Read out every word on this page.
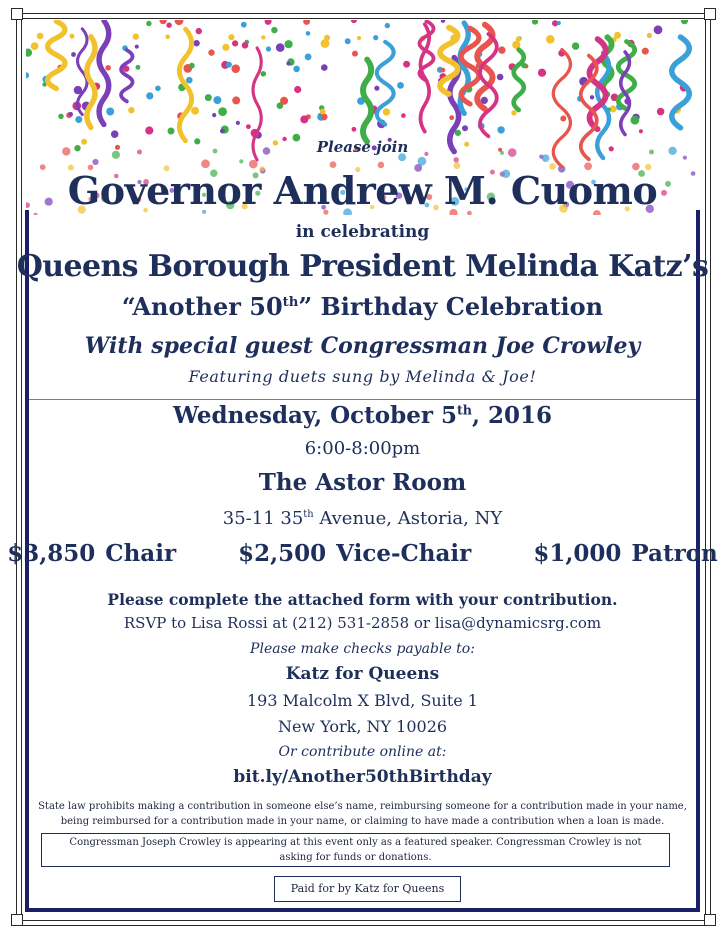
Please join
Governor Andrew M. Cuomo
in celebrating
Queens Borough President Melinda Katz’s
“Another 50th” Birthday Celebration
With special guest Congressman Joe Crowley
Featuring duets sung by Melinda & Joe!
Wednesday, October 5th, 2016
6:00-8:00pm
The Astor Room
35-11 35th Avenue, Astoria, NY
$3,850 Chair	$2,500 Vice-Chair	$1,000 Patron
Please complete the attached form with your contribution.
RSVP to Lisa Rossi at (212) 531-2858 or lisa@dynamicsrg.com
Please make checks payable to:
Katz for Queens
193 Malcolm X Blvd, Suite 1
New York, NY 10026
Or contribute online at:
bit.ly/Another50thBirthday
State law prohibits making a contribution in someone else’s name, reimbursing someone for a contribution made in your name,
being reimbursed for a contribution made in your name, or claiming to have made a contribution when a loan is made.
Congressman Joseph Crowley is appearing at this event only as a featured speaker. Congressman Crowley is not
asking for funds or donations.
Paid for by Katz for Queens
